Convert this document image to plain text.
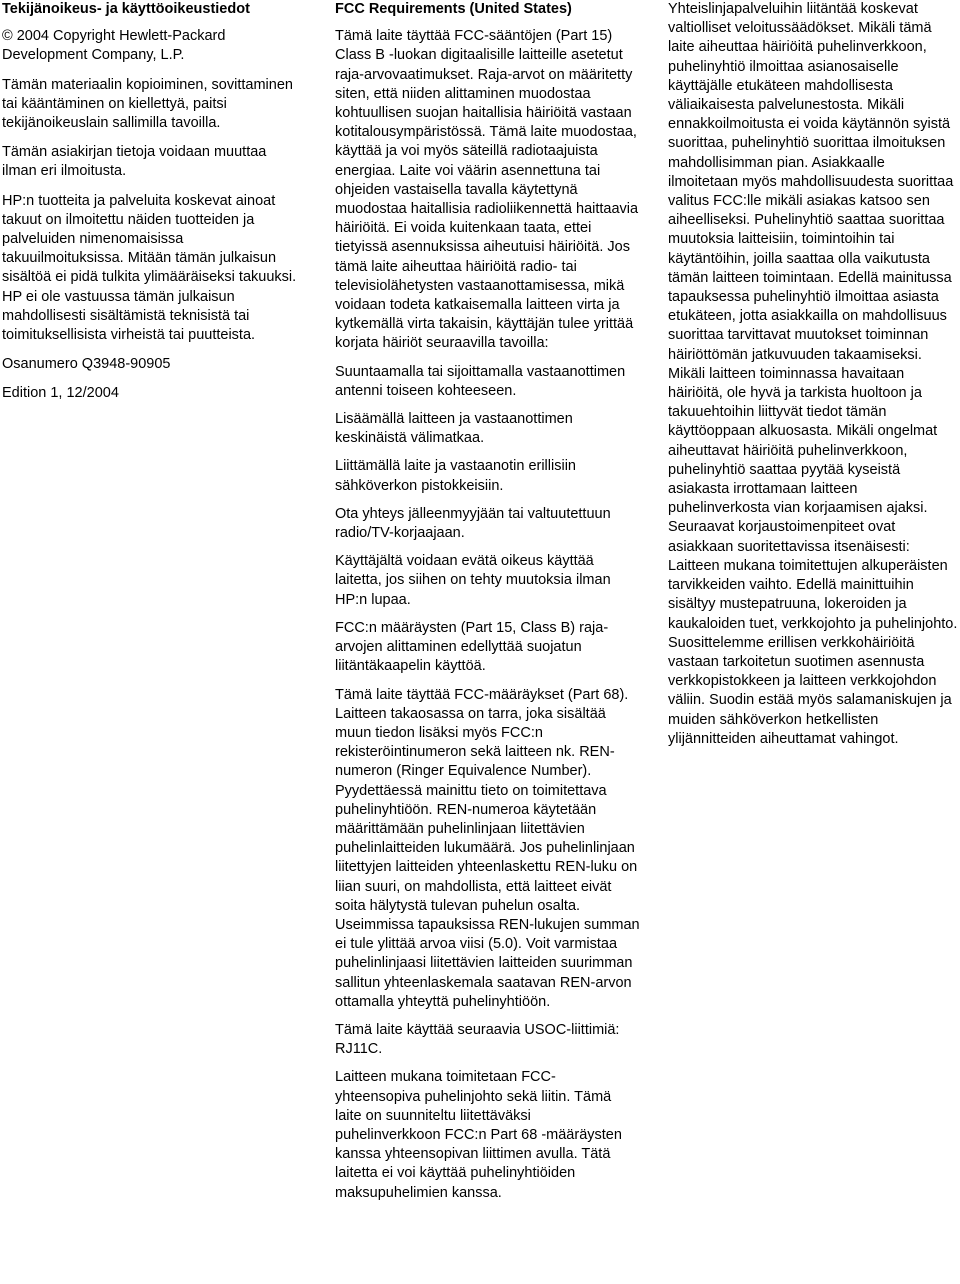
Tekijänoikeus- ja käyttöoikeustiedot
© 2004 Copyright Hewlett-Packard Development Company, L.P.
Tämän materiaalin kopioiminen, sovittaminen tai kääntäminen on kiellettyä, paitsi tekijänoikeuslain sallimilla tavoilla.
Tämän asiakirjan tietoja voidaan muuttaa ilman eri ilmoitusta.
HP:n tuotteita ja palveluita koskevat ainoat takuut on ilmoitettu näiden tuotteiden ja palveluiden nimenomaisissa takuuilmoituksissa. Mitään tämän julkaisun sisältöä ei pidä tulkita ylimääräiseksi takuuksi. HP ei ole vastuussa tämän julkaisun mahdollisesti sisältämistä teknisistä tai toimituksellisista virheistä tai puutteista.
Osanumero Q3948-90905
Edition 1, 12/2004
FCC Requirements (United States)
Tämä laite täyttää FCC-sääntöjen (Part 15) Class B -luokan digitaalisille laitteille asetetut raja-arvovaatimukset. Raja-arvot on määritetty siten, että niiden alittaminen muodostaa kohtuullisen suojan haitallisia häiriöitä vastaan kotitalousympäristössä. Tämä laite muodostaa, käyttää ja voi myös säteillä radiotaajuista energiaa. Laite voi väärin asennettuna tai ohjeiden vastaisella tavalla käytettynä muodostaa haitallisia radioliikennettä haittaavia häiriöitä. Ei voida kuitenkaan taata, ettei tietyissä asennuksissa aiheutuisi häiriöitä. Jos tämä laite aiheuttaa häiriöitä radio- tai televisiolähetysten vastaanottamisessa, mikä voidaan todeta katkaisemalla laitteen virta ja kytkemällä virta takaisin, käyttäjän tulee yrittää korjata häiriöt seuraavilla tavoilla:
Suuntaamalla tai sijoittamalla vastaanottimen antenni toiseen kohteeseen.
Lisäämällä laitteen ja vastaanottimen keskinäistä välimatkaa.
Liittämällä laite ja vastaanotin erillisiin sähköverkon pistokkeisiin.
Ota yhteys jälleenmyyjään tai valtuutettuun radio/TV-korjaajaan.
Käyttäjältä voidaan evätä oikeus käyttää laitetta, jos siihen on tehty muutoksia ilman HP:n lupaa.
FCC:n määräysten (Part 15, Class B) raja-arvojen alittaminen edellyttää suojatun liitäntäkaapelin käyttöä.
Tämä laite täyttää FCC-määräykset (Part 68). Laitteen takaosassa on tarra, joka sisältää muun tiedon lisäksi myös FCC:n rekisteröintinumeron sekä laitteen nk. REN-numeron (Ringer Equivalence Number). Pyydettäessä mainittu tieto on toimitettava puhelinyhtiöön. REN-numeroa käytetään määrittämään puhelinlinjaan liitettävien puhelinlaitteiden lukumäärä. Jos puhelinlinjaan liitettyjen laitteiden yhteenlaskettu REN-luku on liian suuri, on mahdollista, että laitteet eivät soita hälytystä tulevan puhelun osalta. Useimmissa tapauksissa REN-lukujen summan ei tule ylittää arvoa viisi (5.0). Voit varmistaa puhelinlinjaasi liitettävien laitteiden suurimman sallitun yhteenlaskemala saatavan REN-arvon ottamalla yhteyttä puhelinyhtiöön.
Tämä laite käyttää seuraavia USOC-liittimiä: RJ11C.
Laitteen mukana toimitetaan FCC-yhteensopiva puhelinjohto sekä liitin. Tämä laite on suunniteltu liitettäväksi puhelinverkkoon FCC:n Part 68 -määräysten kanssa yhteensopivan liittimen avulla. Tätä laitetta ei voi käyttää puhelinyhtiöiden maksupuhelimien kanssa.
Yhteislinjapalveluihin liitäntää koskevat valtiolliset veloitussäädökset. Mikäli tämä laite aiheuttaa häiriöitä puhelinverkkoon, puhelinyhtiö ilmoittaa asianosaiselle käyttäjälle etukäteen mahdollisesta väliaikaisesta palvelunestosta. Mikäli ennakkoilmoitusta ei voida käytännön syistä suorittaa, puhelinyhtiö suorittaa ilmoituksen mahdollisimman pian. Asiakkaalle ilmoitetaan myös mahdollisuudesta suorittaa valitus FCC:lle mikäli asiakas katsoo sen aiheelliseksi. Puhelinyhtiö saattaa suorittaa muutoksia laitteisiin, toimintoihin tai käytäntöihin, joilla saattaa olla vaikutusta tämän laitteen toimintaan. Edellä mainitussa tapauksessa puhelinyhtiö ilmoittaa asiasta etukäteen, jotta asiakkailla on mahdollisuus suorittaa tarvittavat muutokset toiminnan häiriöttömän jatkuvuuden takaamiseksi. Mikäli laitteen toiminnassa havaitaan häiriöitä, ole hyvä ja tarkista huoltoon ja takuuehtoihin liittyvät tiedot tämän käyttöoppaan alkuosasta. Mikäli ongelmat aiheuttavat häiriöitä puhelinverkkoon, puhelinyhtiö saattaa pyytää kyseistä asiakasta irrottamaan laitteen puhelinverkosta vian korjaamisen ajaksi. Seuraavat korjaustoimenpiteet ovat asiakkaan suoritettavissa itsenäisesti: Laitteen mukana toimitettujen alkuperäisten tarvikkeiden vaihto. Edellä mainittuihin sisältyy mustepatruuna, lokeroiden ja kaukaloiden tuet, verkkojohto ja puhelinjohto. Suosittelemme erillisen verkkohäiriöitä vastaan tarkoitetun suotimen asennusta verkkopistokkeen ja laitteen verkkojohdon väliin. Suodin estää myös salamaniskujen ja muiden sähköverkon hetkellisten ylijännitteiden aiheuttamat vahingot.
